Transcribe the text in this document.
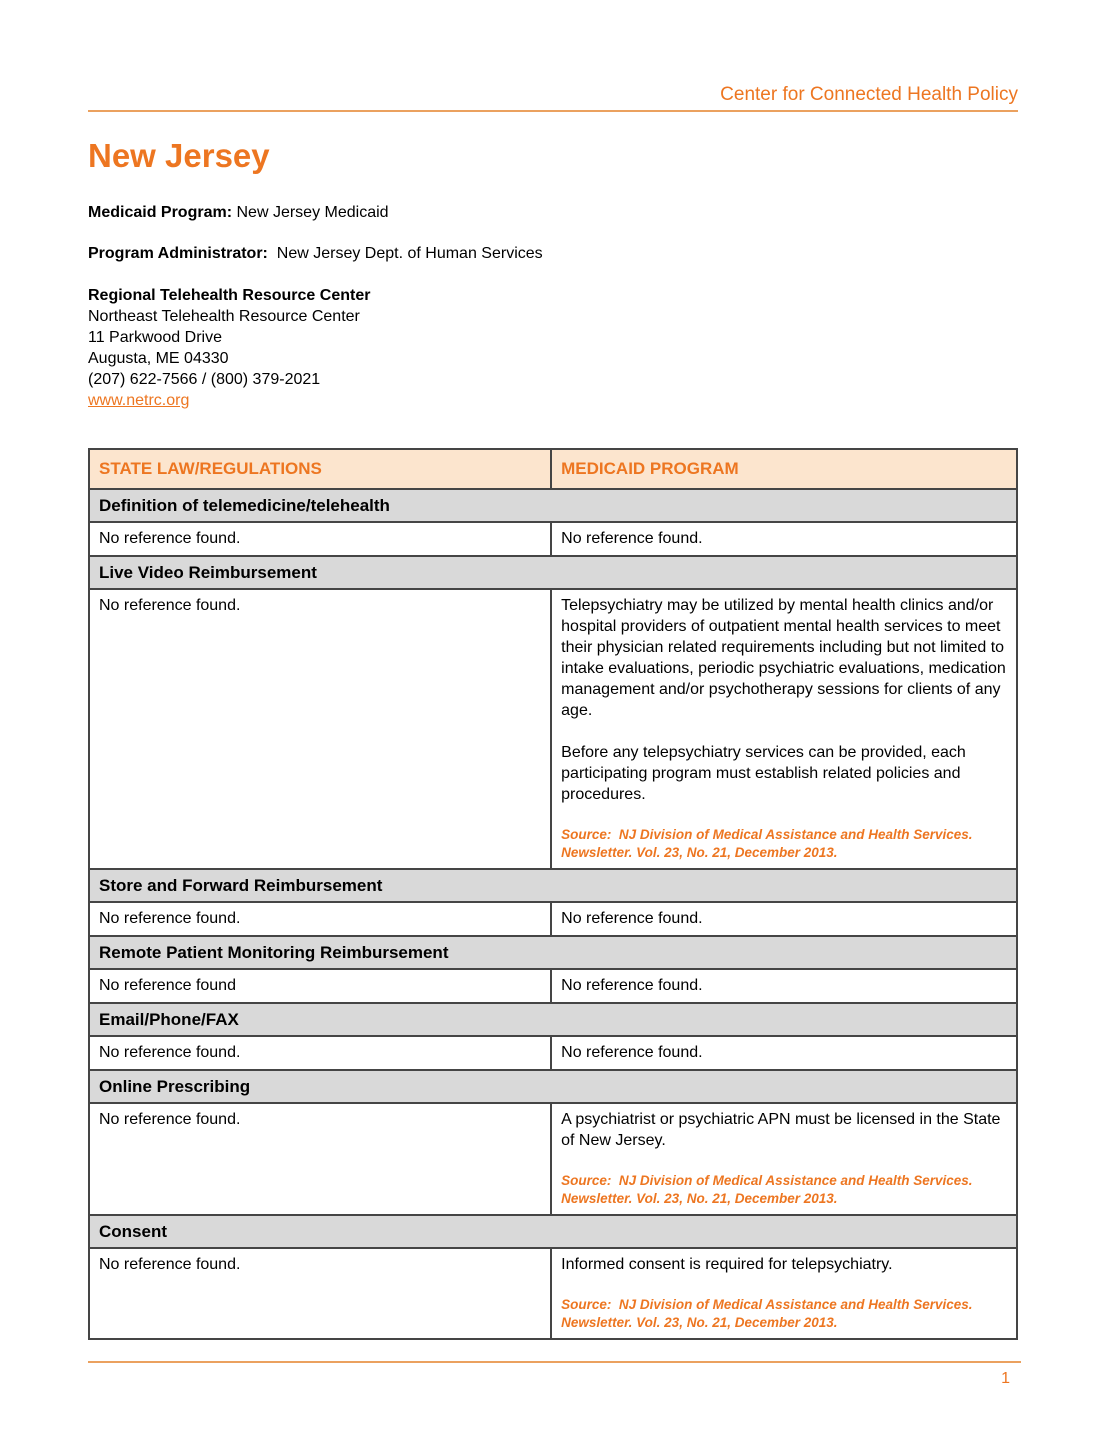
Center for Connected Health Policy
New Jersey

Medicaid Program: New Jersey Medicaid

Program Administrator: New Jersey Dept. of Human Services

Regional Telehealth Resource Center

Northeast Telehealth Resource Center

11 Parkwood Drive

Augusta, ME 04330

(207) 622-7566 / (800) 379-2021

www.netrc.org

STATE LAW/REGULATIONS	MEDICAID PROGRAM
Definition of telemedicine/telehealth	

No reference found.	No reference found.

Live Video Reimbursement	

No reference found.	Telepsychiatry may be utilized by mental health clinics and/or hospital providers of outpatient mental health services to meet their physician related requirements including but not limited to intake evaluations, periodic psychiatric evaluations, medication management and/or psychotherapy sessions for clients of any age.

Before any telepsychiatry services can be provided, each participating program must establish related policies and procedures.

Source:  NJ Division of Medical Assistance and Health Services. Newsletter. Vol. 23, No. 21, December 2013.

Store and Forward Reimbursement	

No reference found.	No reference found.

Remote Patient Monitoring Reimbursement	

No reference found	No reference found.

Email/Phone/FAX	

No reference found.	No reference found.

Online Prescribing	

No reference found.	A psychiatrist or psychiatric APN must be licensed in the State of New Jersey.

Source:  NJ Division of Medical Assistance and Health Services. Newsletter. Vol. 23, No. 21, December 2013.

Consent	

No reference found.	Informed consent is required for telepsychiatry.

Source:  NJ Division of Medical Assistance and Health Services. Newsletter. Vol. 23, No. 21, December 2013.

1
